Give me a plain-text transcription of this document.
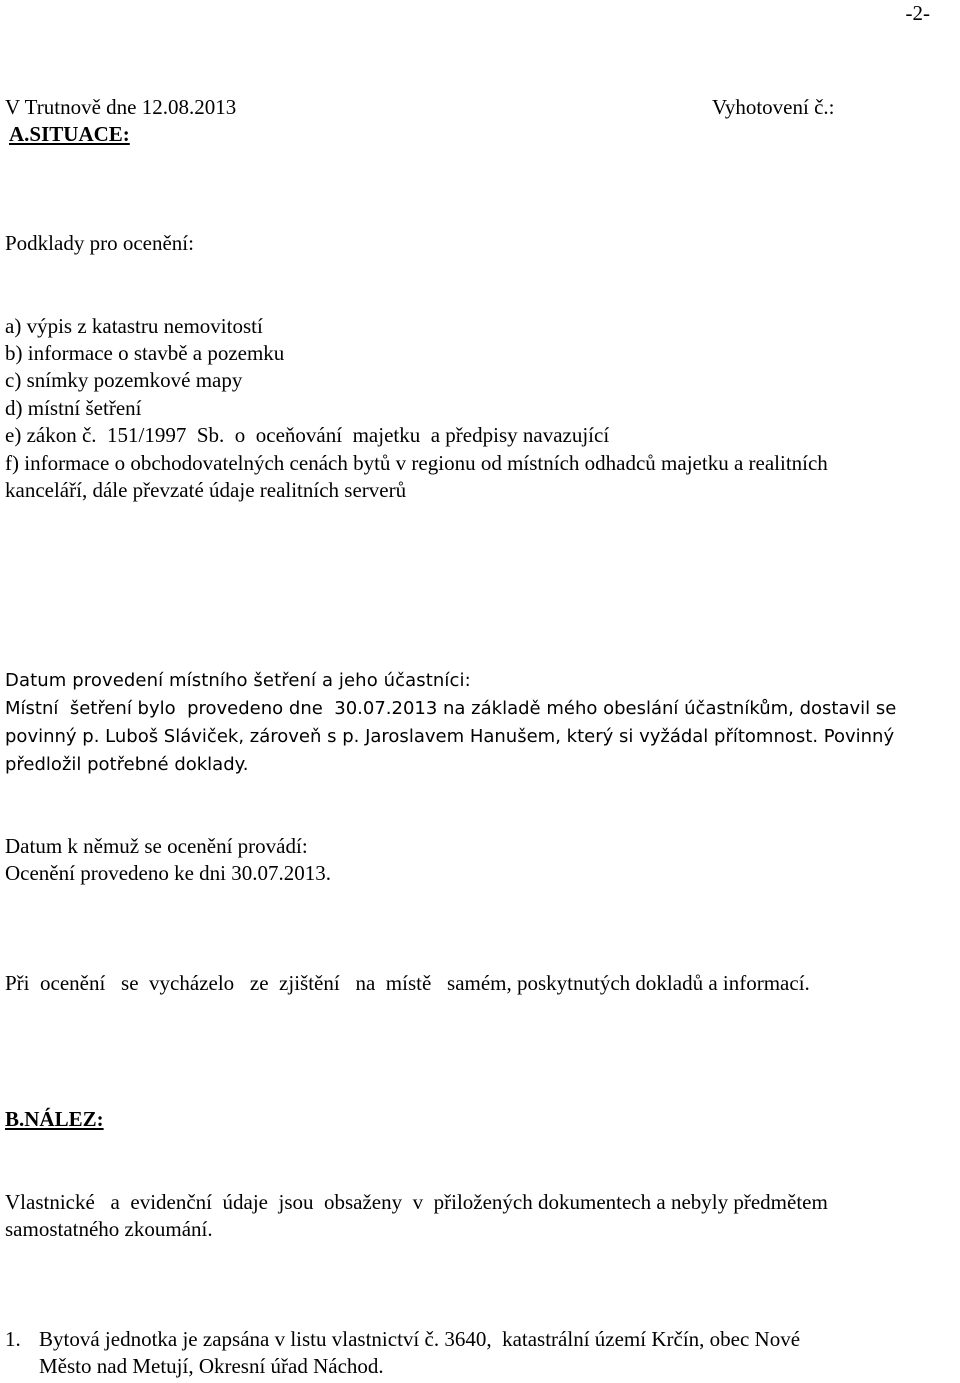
-2-
V Trutnově dne 12.08.2013	Vyhotovení č.:
A.SITUACE:
Podklady pro ocenění:
a) výpis z katastru nemovitostí
b) informace o stavbě a pozemku
c) snímky pozemkové mapy
d) místní šetření
e) zákon č.  151/1997  Sb.  o  oceňování  majetku  a předpisy navazující
f) informace o obchodovatelných cenách bytů v regionu od místních odhadců majetku a realitních
kanceláří, dále převzaté údaje realitních serverů
Datum provedení místního šetření a jeho účastníci:
Místní  šetření bylo  provedeno dne  30.07.2013 na základě mého obeslání účastníkům, dostavil se
povinný p. Luboš Sláviček, zároveň s p. Jaroslavem Hanušem, který si vyžádal přítomnost. Povinný
předložil potřebné doklady.
Datum k němuž se ocenění provádí:
Ocenění provedeno ke dni 30.07.2013.
Při  ocenění   se  vycházelo   ze  zjištění   na  místě   samém, poskytnutých dokladů a informací.
B.NÁLEZ:
Vlastnické   a  evidenční  údaje  jsou  obsaženy  v  přiložených dokumentech a nebyly předmětem
samostatného zkoumání.
1. Bytová jednotka je zapsána v listu vlastnictví č. 3640,  katastrální území Krčín, obec Nové
Město nad Metují, Okresní úřad Náchod.
